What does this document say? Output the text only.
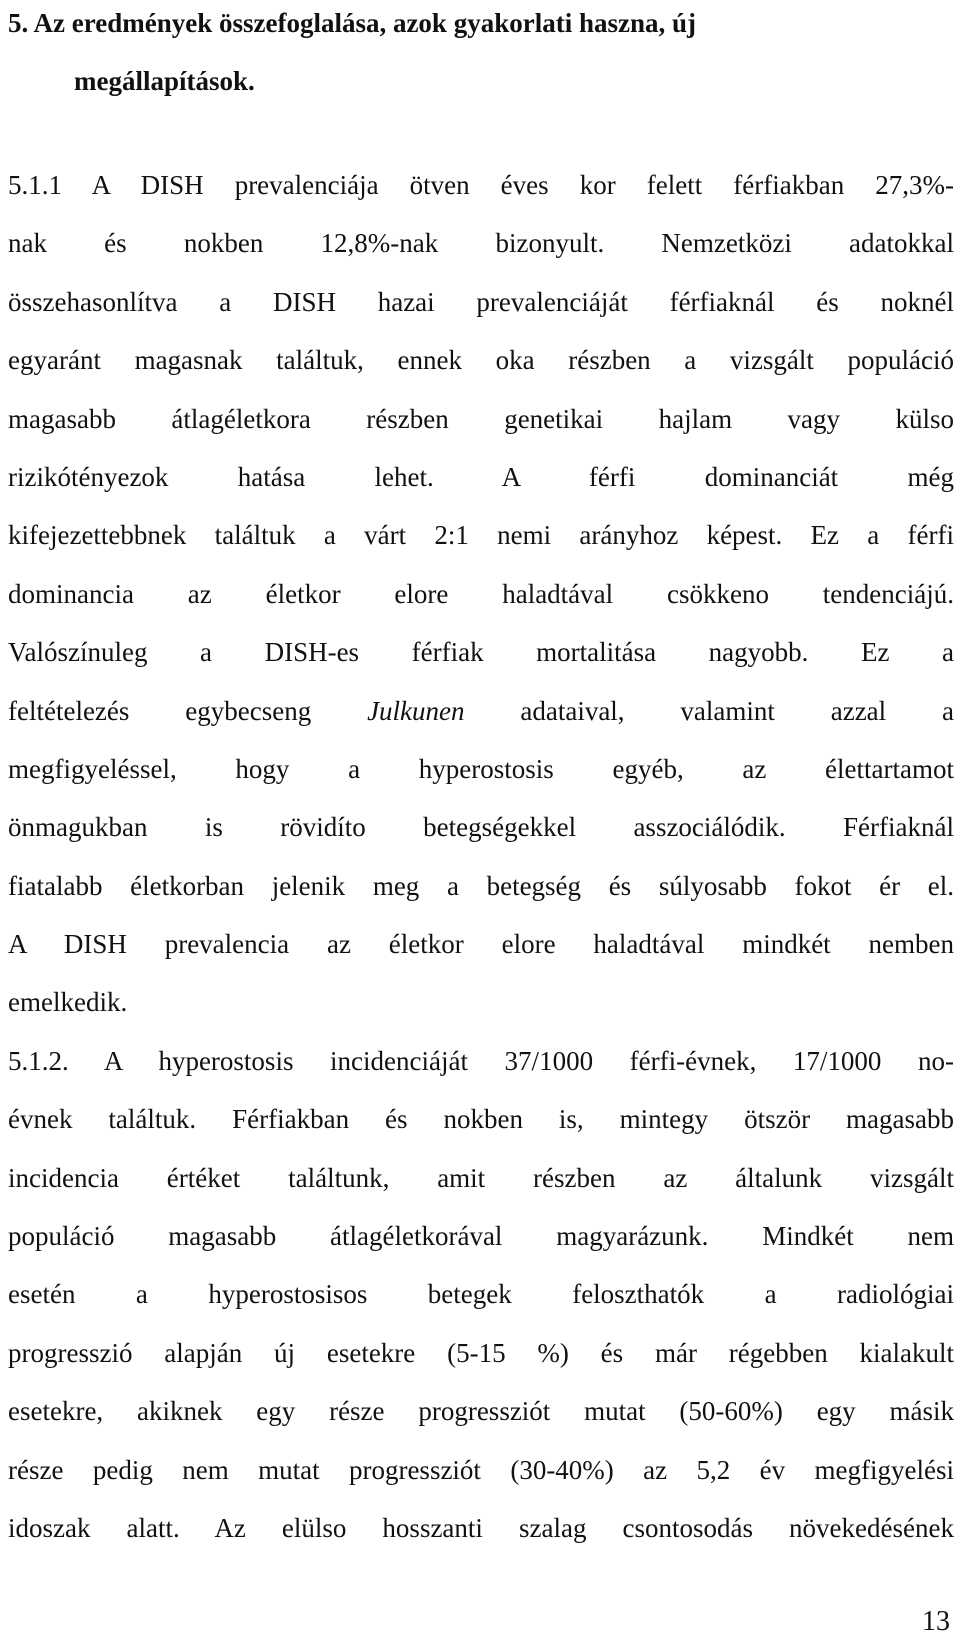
5. Az eredmények összefoglalása, azok gyakorlati haszna, új
megállapítások.
5.1.1 A DISH prevalenciája ötven éves kor felett férfiakban 27,3%-
nak és nokben 12,8%-nak bizonyult. Nemzetközi adatokkal
összehasonlítva a DISH hazai prevalenciáját férfiaknál és noknél
egyaránt magasnak találtuk, ennek oka részben a vizsgált populáció
magasabb átlagéletkora részben genetikai hajlam vagy külso
rizikótényezok hatása lehet. A férfi dominanciát még
kifejezettebbnek találtuk a várt 2:1 nemi arányhoz képest. Ez a férfi
dominancia az életkor elore haladtával csökkeno tendenciájú.
Valószínuleg a DISH-es férfiak mortalitása nagyobb. Ez a
feltételezés egybecseng Julkunen adataival, valamint azzal a
megfigyeléssel, hogy a hyperostosis egyéb, az élettartamot
önmagukban is rövidíto betegségekkel asszociálódik. Férfiaknál
fiatalabb életkorban jelenik meg a betegség és súlyosabb fokot ér el.
A DISH prevalencia az életkor elore haladtával mindkét nemben
emelkedik.
5.1.2. A hyperostosis incidenciáját 37/1000 férfi-évnek, 17/1000 no-
évnek találtuk. Férfiakban és nokben is, mintegy ötször magasabb
incidencia értéket találtunk, amit részben az általunk vizsgált
populáció magasabb átlagéletkorával magyarázunk. Mindkét nem
esetén a hyperostosisos betegek feloszthatók a radiológiai
progresszió alapján új esetekre (5-15 %) és már régebben kialakult
esetekre, akiknek egy része progressziót mutat (50-60%) egy másik
része pedig nem mutat progressziót (30-40%) az 5,2 év megfigyelési
idoszak alatt. Az elülso hosszanti szalag csontosodás növekedésének
13
